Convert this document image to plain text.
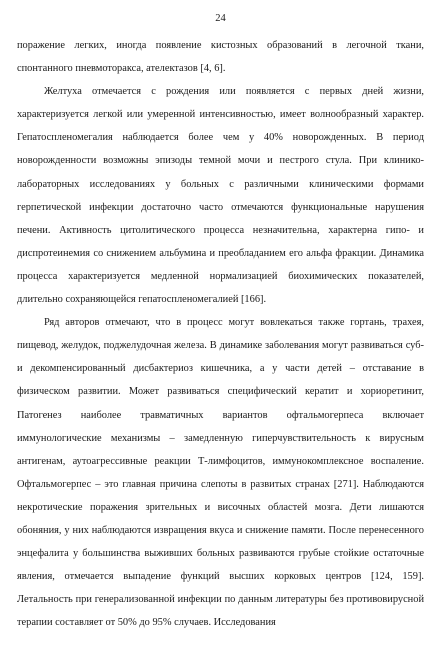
24

поражение легких, иногда появление кистозных образований в легочной ткани, спонтанного пневмоторакса, ателектазов [4, 6].

Желтуха отмечается с рождения или появляется с первых дней жизни, характеризуется легкой или умеренной интенсивностью, имеет волнообразный характер. Гепатоспленомегалия наблюдается более чем у 40% новорожденных. В период новорожденности возможны эпизоды темной мочи и пестрого стула. При клинико-лабораторных исследованиях у больных с различными клиническими формами герпетической инфекции достаточно часто отмечаются функциональные нарушения печени. Активность цитолитического процесса незначительна, характерна гипо- и диспротеинемия со снижением альбумина и преобладанием его альфа фракции. Динамика процесса характеризуется медленной нормализацией биохимических показателей, длительно сохраняющейся гепатоспленомегалией [166].

Ряд авторов отмечают, что в процесс могут вовлекаться также гортань, трахея, пищевод, желудок, поджелудочная железа. В динамике заболевания могут развиваться суб- и декомпенсированный дисбактериоз кишечника, а у части детей – отставание в физическом развитии. Может развиваться специфический кератит и хориоретинит, Патогенез наиболее травматичных вариантов офтальмогерпеса включает иммунологические механизмы – замедленную гиперчувствительность к вирусным антигенам, аутоагрессивные реакции Т-лимфоцитов, иммунокомплексное воспаление. Офтальмогерпес – это главная причина слепоты в развитых странах [271]. Наблюдаются некротические поражения зрительных и височных областей мозга. Дети лишаются обоняния, у них наблюдаются извращения вкуса и снижение памяти. После перенесенного энцефалита у большинства выживших больных развиваются грубые стойкие остаточные явления, отмечается выпадение функций высших корковых центров [124, 159]. Летальность при генерализованной инфекции по данным литературы без противовирусной терапии составляет от 50% до 95% случаев. Исследования
